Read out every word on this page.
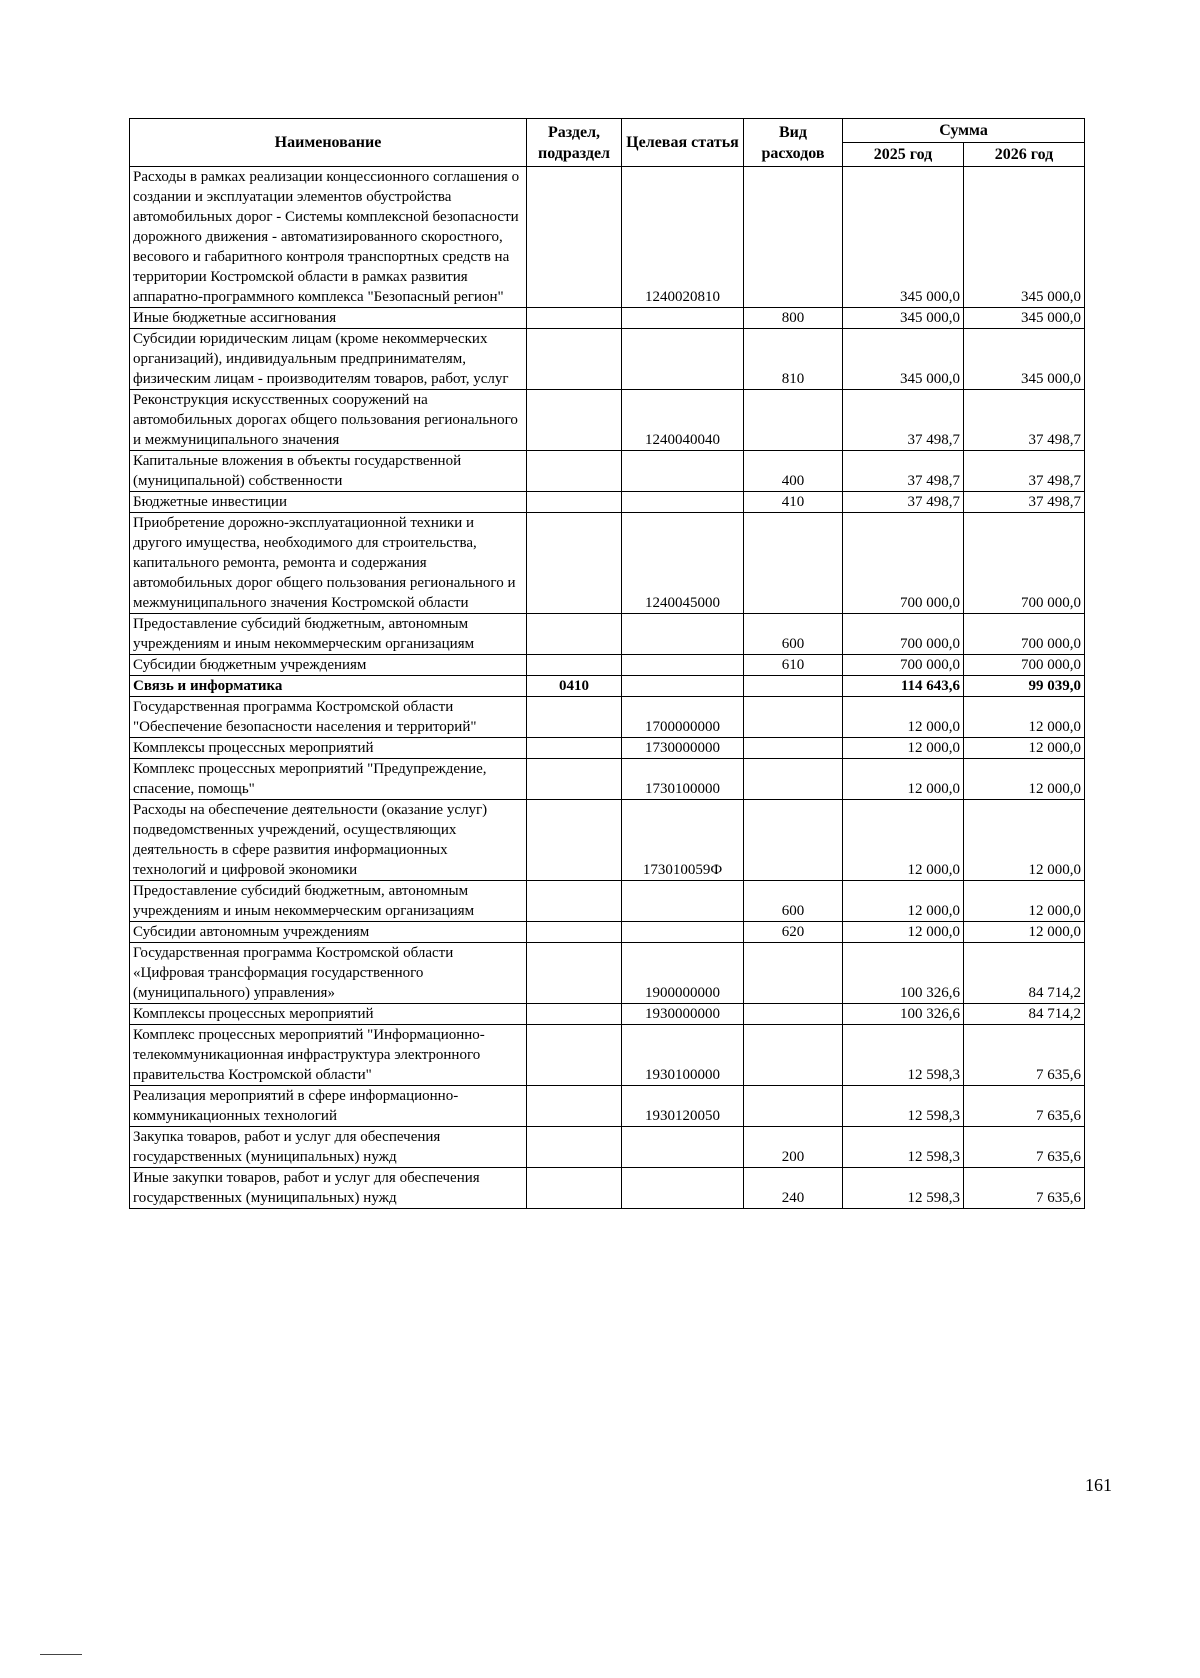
Наименование	Раздел, подраздел	Целевая статья	Вид расходов	Сумма	
				2025 год	2026 год
Расходы в рамках реализации концессионного соглашения о создании и эксплуатации элементов обустройства автомобильных дорог - Системы комплексной безопасности дорожного движения - автоматизированного скоростного, весового и габаритного контроля транспортных средств на территории Костромской области в рамках развития аппаратно-программного комплекса "Безопасный регион"		1240020810		345 000,0	345 000,0
Иные бюджетные ассигнования			800	345 000,0	345 000,0
Субсидии юридическим лицам (кроме некоммерческих организаций), индивидуальным предпринимателям, физическим лицам - производителям товаров, работ, услуг			810	345 000,0	345 000,0
Реконструкция искусственных сооружений на автомобильных дорогах общего пользования регионального и межмуниципального значения		1240040040		37 498,7	37 498,7
Капитальные вложения в объекты государственной (муниципальной) собственности			400	37 498,7	37 498,7
Бюджетные инвестиции			410	37 498,7	37 498,7
Приобретение дорожно-эксплуатационной техники и другого имущества, необходимого для строительства, капитального ремонта, ремонта и содержания автомобильных дорог общего пользования регионального и межмуниципального значения Костромской области		1240045000		700 000,0	700 000,0
Предоставление субсидий бюджетным, автономным учреждениям и иным некоммерческим организациям			600	700 000,0	700 000,0
Субсидии бюджетным учреждениям			610	700 000,0	700 000,0
Связь и информатика	0410			114 643,6	99 039,0
Государственная программа Костромской области "Обеспечение безопасности населения и территорий"		1700000000		12 000,0	12 000,0
Комплексы процессных мероприятий		1730000000		12 000,0	12 000,0
Комплекс процессных мероприятий "Предупреждение, спасение, помощь"		1730100000		12 000,0	12 000,0
Расходы на обеспечение деятельности (оказание услуг) подведомственных учреждений, осуществляющих деятельность в сфере развития информационных технологий и цифровой экономики		173010059Ф		12 000,0	12 000,0
Предоставление субсидий бюджетным, автономным учреждениям и иным некоммерческим организациям			600	12 000,0	12 000,0
Субсидии автономным учреждениям			620	12 000,0	12 000,0
Государственная программа Костромской области «Цифровая трансформация государственного (муниципального) управления»		1900000000		100 326,6	84 714,2
Комплексы процессных мероприятий		1930000000		100 326,6	84 714,2
Комплекс процессных мероприятий "Информационно-телекоммуникационная инфраструктура электронного правительства Костромской области"		1930100000		12 598,3	7 635,6
Реализация мероприятий в сфере информационно-коммуникационных технологий		1930120050		12 598,3	7 635,6
Закупка товаров, работ и услуг для обеспечения государственных (муниципальных) нужд			200	12 598,3	7 635,6
Иные закупки товаров, работ и услуг для обеспечения государственных (муниципальных) нужд			240	12 598,3	7 635,6
161
